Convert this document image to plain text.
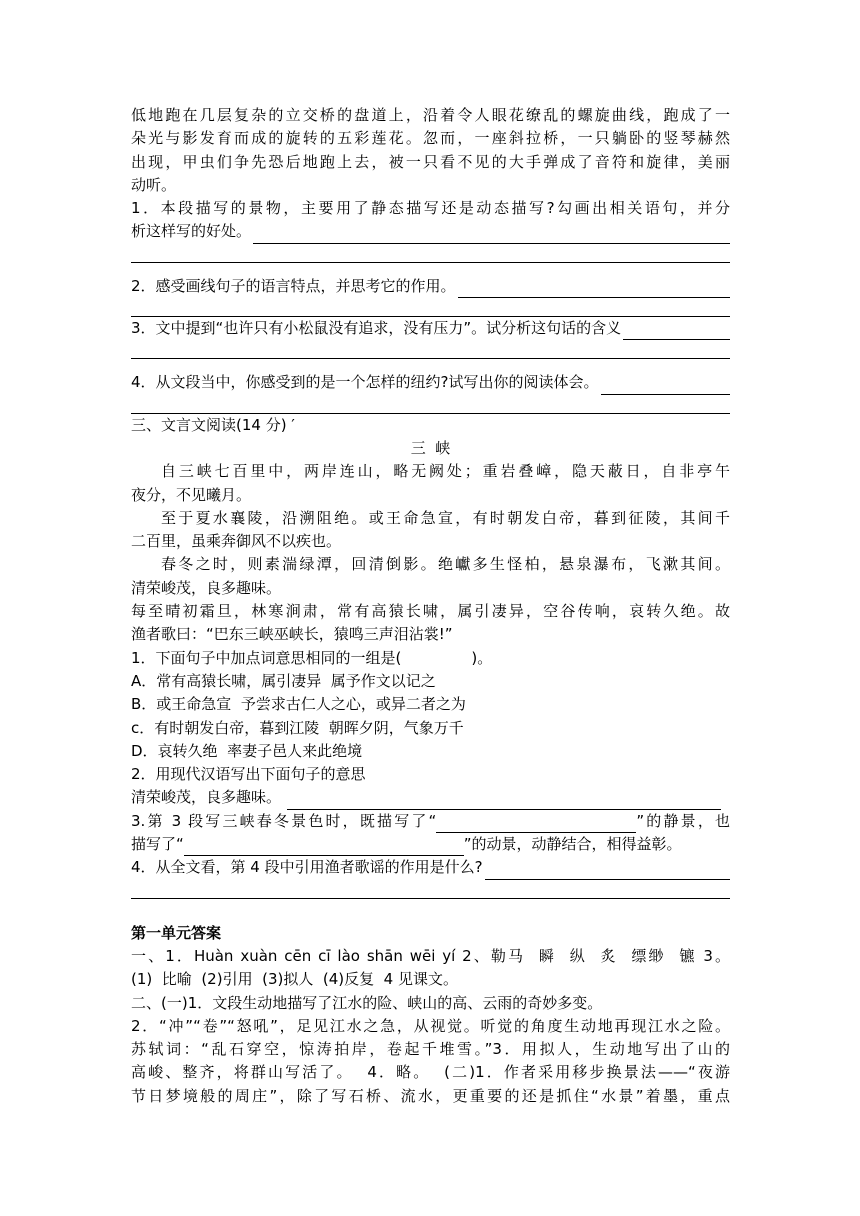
低地跑在几层复杂的立交桥的盘道上，沿着令人眼花缭乱的螺旋曲线，跑成了一

朵光与影发育而成的旋转的五彩莲花。忽而，一座斜拉桥，一只躺卧的竖琴赫然

出现，甲虫们争先恐后地跑上去，被一只看不见的大手弹成了音符和旋律，美丽

动听。

1．本段描写的景物，主要用了静态描写还是动态描写?勾画出相关语句，并分

析这样写的好处。
2．感受画线句子的语言特点，并思考它的作用。
3．文中提到“也许只有小松鼠没有追求，没有压力”。试分析这句话的含义
4．从文段当中，你感受到的是一个怎样的纽约?试写出你的阅读体会。

三、文言文阅读(14 分) ′

三  峡

自三峡七百里中，两岸连山，略无阙处；重岩叠嶂，隐天蔽日，自非亭午

夜分，不见曦月。

至于夏水襄陵，沿溯阻绝。或王命急宣，有时朝发白帝，暮到征陵，其间千

二百里，虽乘奔御风不以疾也。

春冬之时，则素湍绿潭，回清倒影。绝巘多生怪柏，悬泉瀑布，飞漱其间。

清荣峻茂，良多趣味。

每至晴初霜旦，林寒涧肃，常有高猿长啸，属引凄异，空谷传响，哀转久绝。故

渔者歌曰：“巴东三峡巫峡长，猿鸣三声泪沾裳!”

1．下面句子中加点词意思相同的一组是(	)。

A．常有高猿长啸，属引凄异  属予作文以记之

B．或王命急宣  予尝求古仁人之心，或异二者之为

c．有时朝发白帝，暮到江陵  朝晖夕阴，气象万千

D．哀转久绝  率妻子邑人来此绝境

2．用现代汉语写出下面句子的意思

清荣峻茂，良多趣味。

3.第 3 段写三峡春冬景色时，既描写了“	”的静景，也

描写了“	”的动景，动静结合，相得益彰。

4．从全文看，第 4 段中引用渔者歌谣的作用是什么?

第一单元答案

一、1．Huàn xuàn cēn cī lào shān wēi yí 2、勒马  瞬  纵  炙  缥缈  镳 3。

(1)  比喻  (2)引用  (3)拟人  (4)反复  4 见课文。

二、(一)1．文段生动地描写了江水的险、峡山的高、云雨的奇妙多变。

2．“冲”“卷”“怒吼”，足见江水之急，从视觉。听觉的角度生动地再现江水之险。

苏轼词：“乱石穿空，惊涛拍岸，卷起千堆雪。”3．用拟人，生动地写出了山的

高峻、整齐，将群山写活了。  4．略。  (二)1．作者采用移步换景法——“夜游

节日梦境般的周庄”，除了写石桥、流水，更重要的还是抓住“水景”着墨，重点
